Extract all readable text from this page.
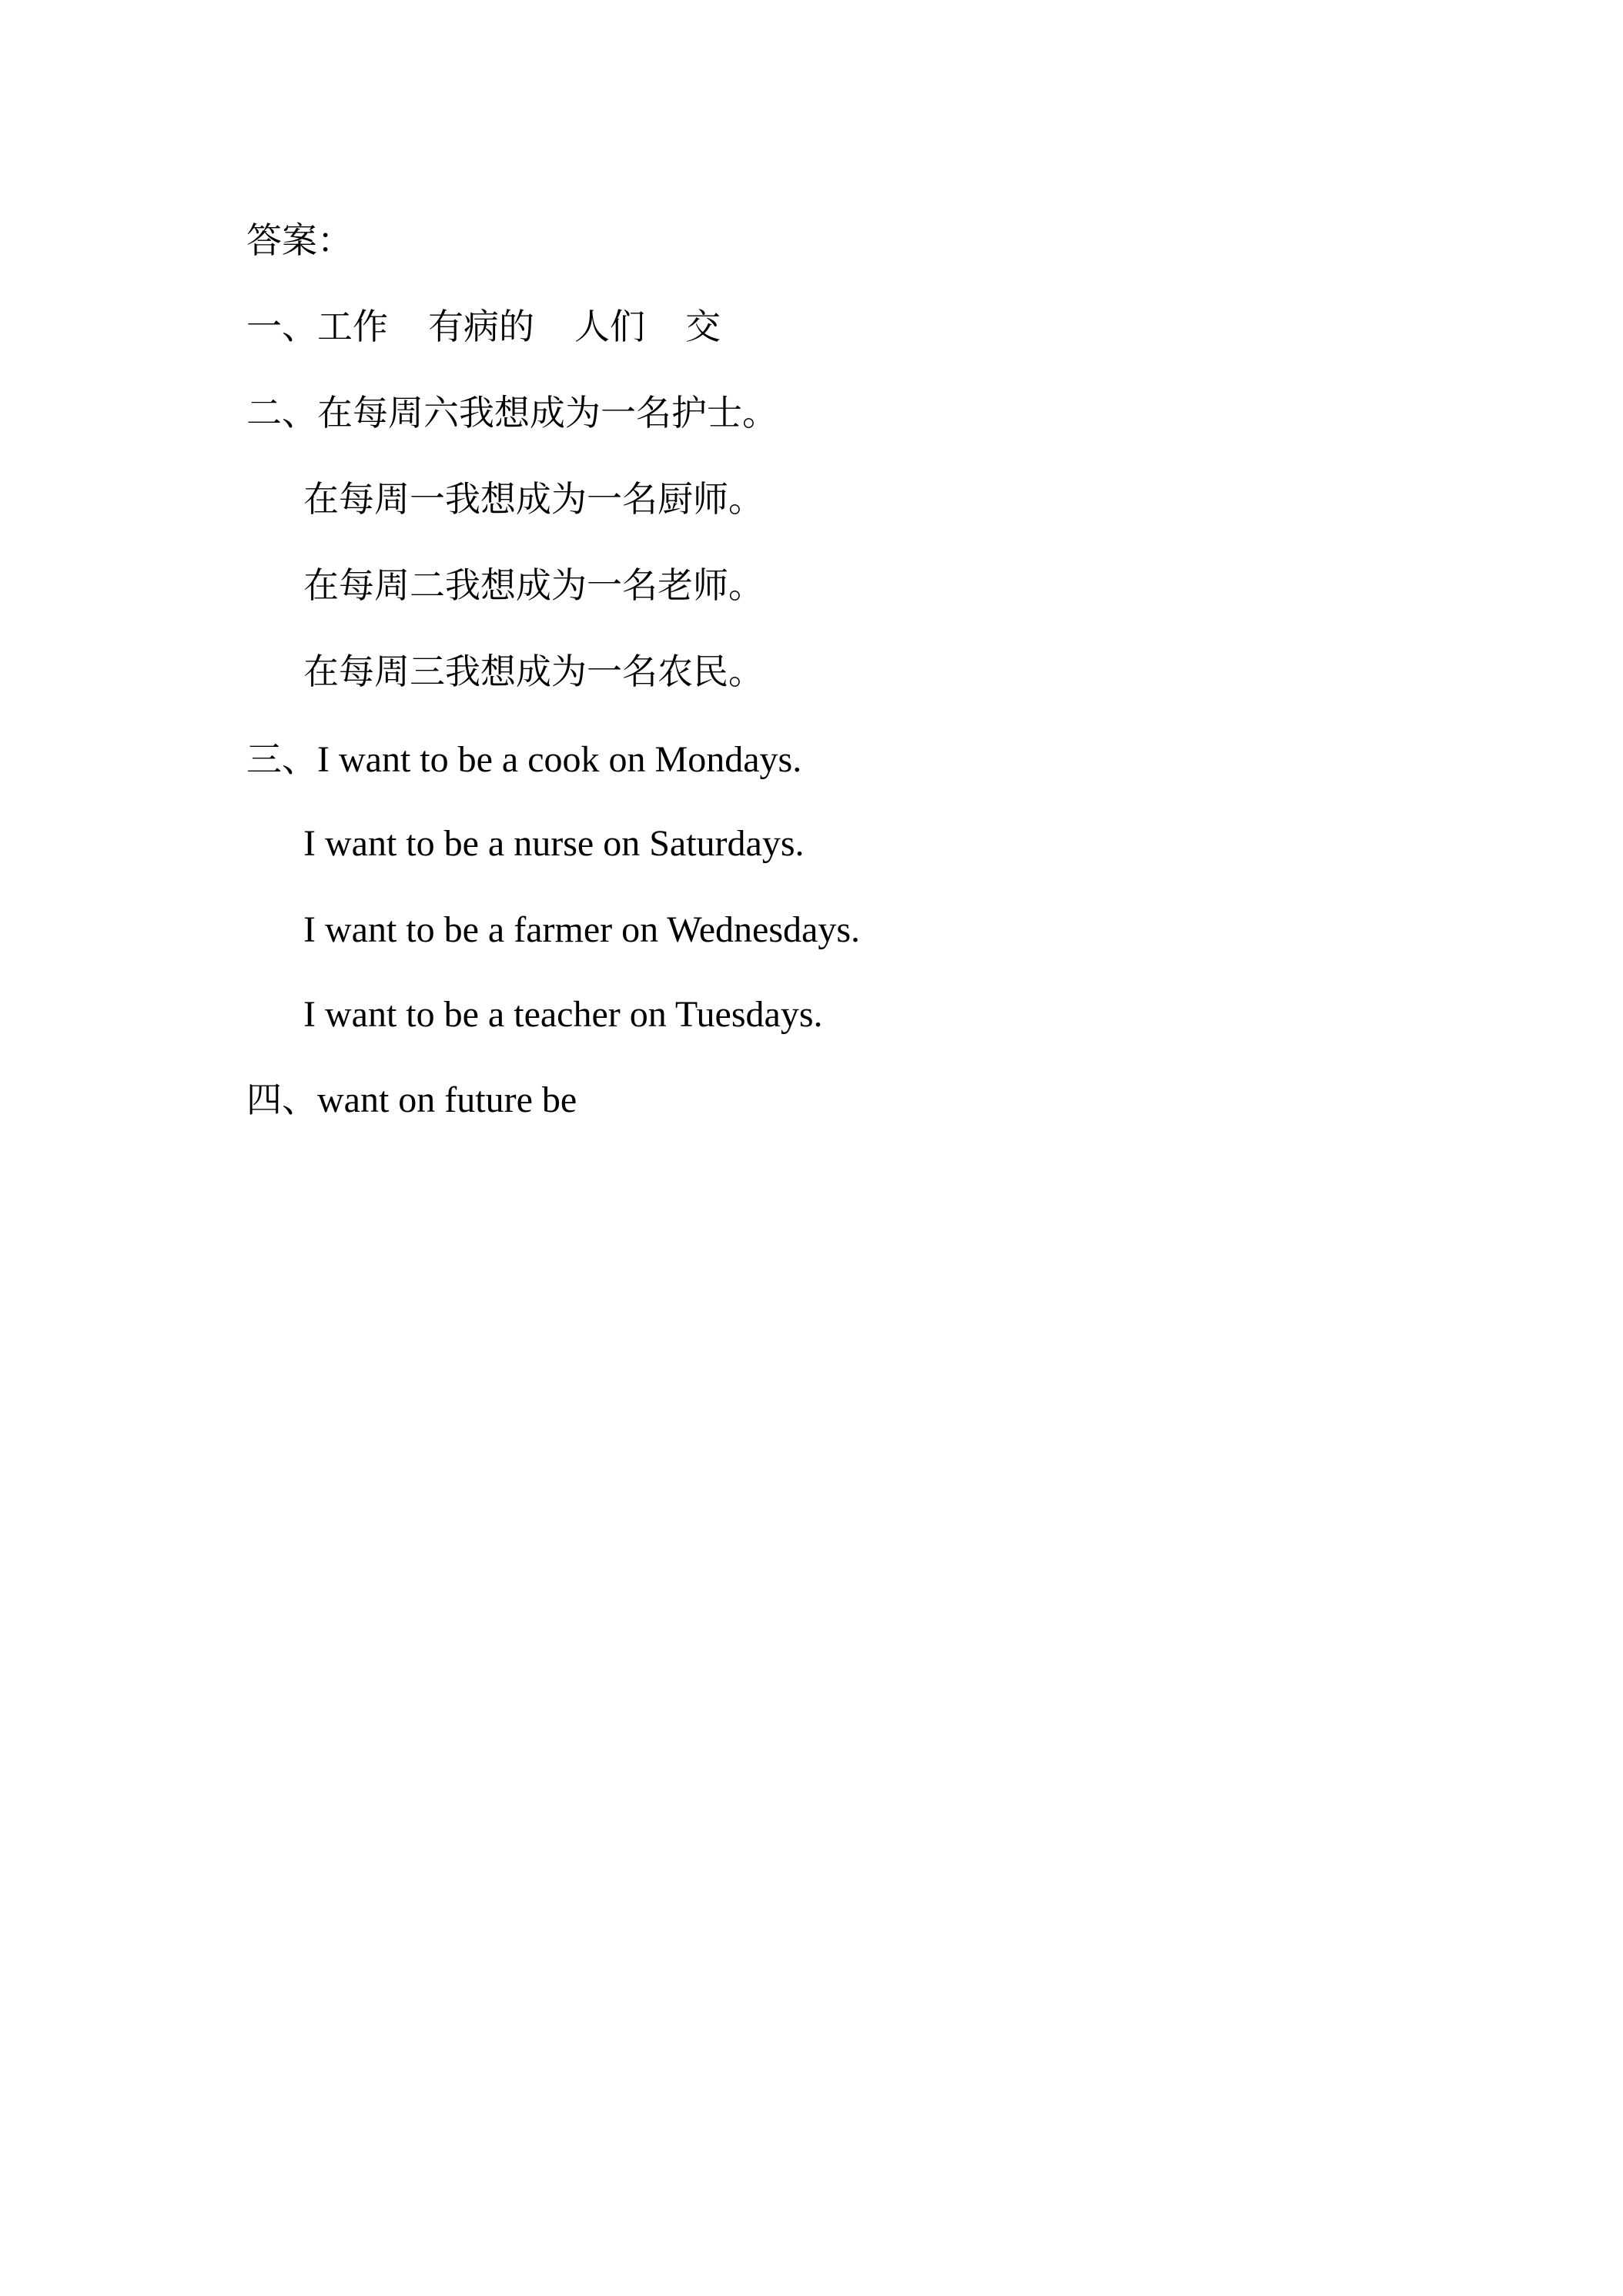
答案：
一、工作 有病的 人们 交
二、在每周六我想成为一名护士。
在每周一我想成为一名厨师。
在每周二我想成为一名老师。
在每周三我想成为一名农民。
三、I want to be a cook on Mondays.
I want to be a nurse on Saturdays.
I want to be a farmer on Wednesdays.
I want to be a teacher on Tuesdays.
四、want on future be
